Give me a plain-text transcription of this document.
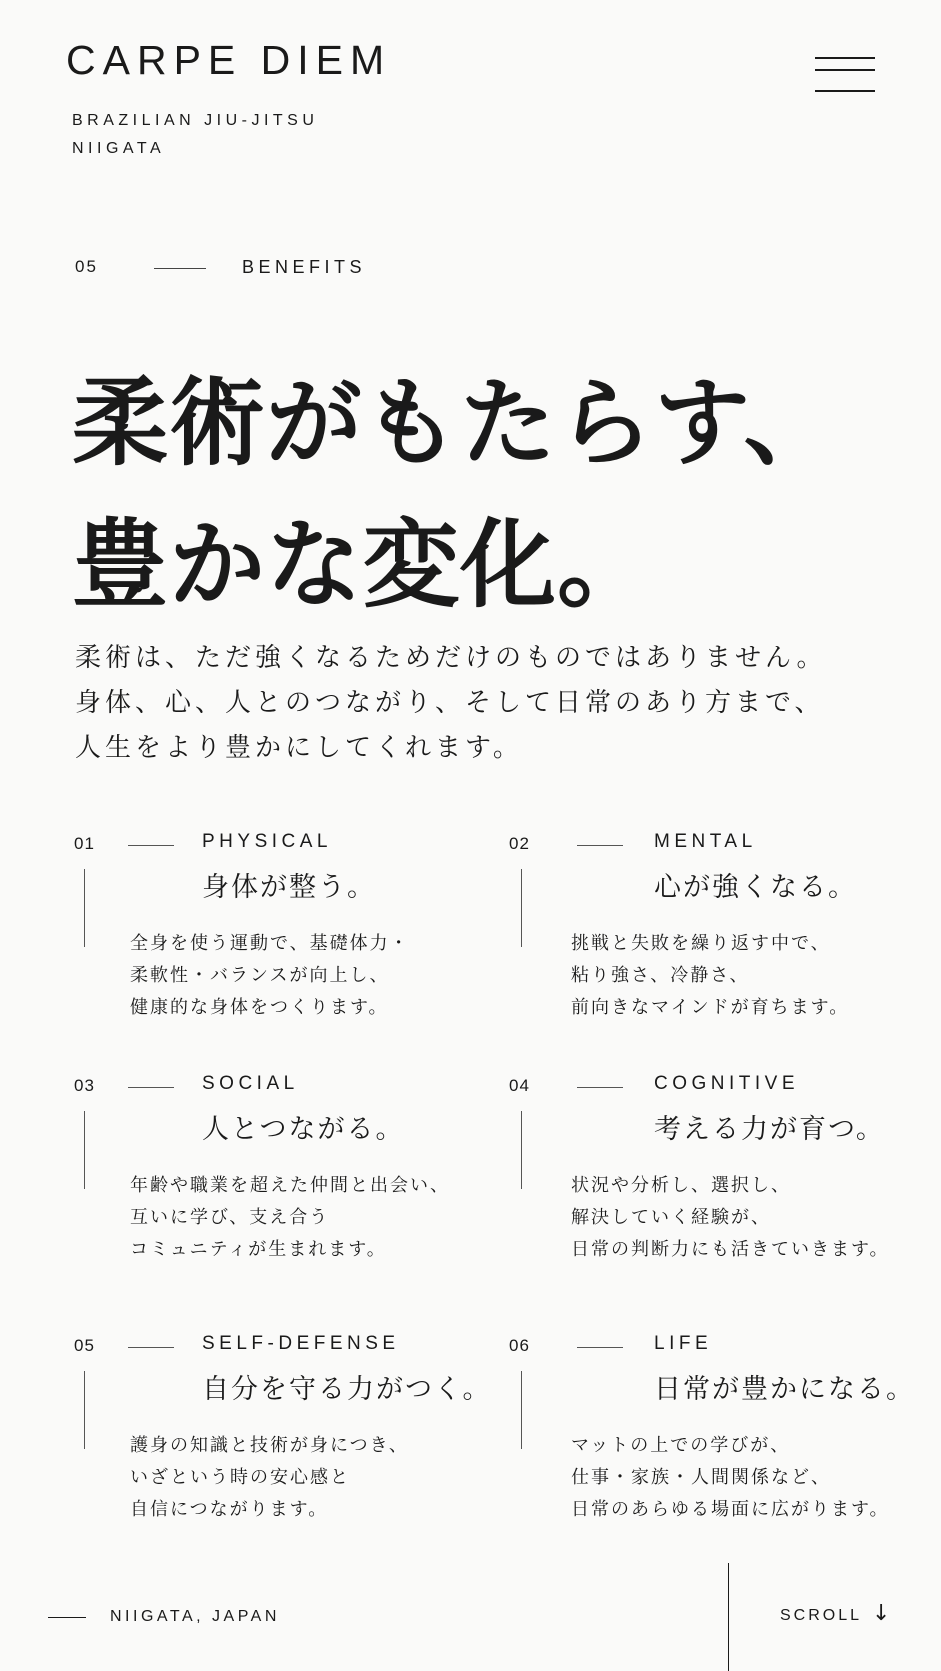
CARPE DIEM
BRAZILIAN JIU-JITSU
NIIGATA
05	BENEFITS
柔術がもたらす、
豊かな変化。

柔術は、ただ強くなるためだけのものではありません。
身体、心、人とのつながり、そして日常のあり方まで、
人生をより豊かにしてくれます。

01	PHYSICAL
身体が整う。
全身を使う運動で、基礎体力・
柔軟性・バランスが向上し、
健康的な身体をつくります。
02	MENTAL
心が強くなる。
挑戦と失敗を繰り返す中で、
粘り強さ、冷静さ、
前向きなマインドが育ちます。
03	SOCIAL
人とつながる。
年齢や職業を超えた仲間と出会い、
互いに学び、支え合う
コミュニティが生まれます。
04	COGNITIVE
考える力が育つ。
状況や分析し、選択し、
解決していく経験が、
日常の判断力にも活きていきます。
05	SELF-DEFENSE
自分を守る力がつく。
護身の知識と技術が身につき、
いざという時の安心感と
自信につながります。
06	LIFE
日常が豊かになる。
マットの上での学びが、
仕事・家族・人間関係など、
日常のあらゆる場面に広がります。
NIIGATA, JAPAN	SCROLL ↓
